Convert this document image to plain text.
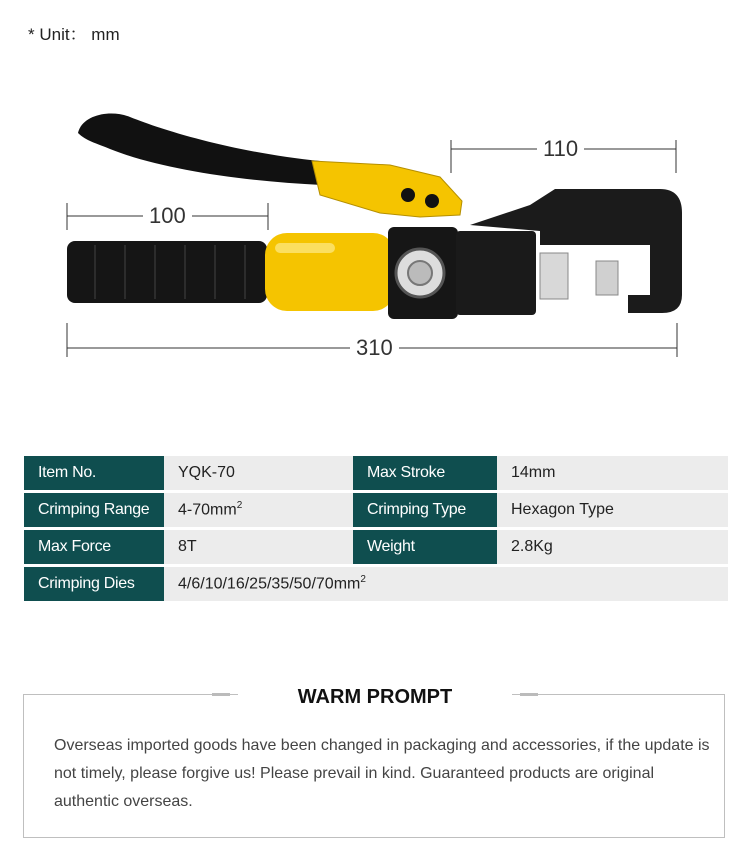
* Unit： mm
100
110
310
Item No.	YQK-70	Max Stroke	14mm
Crimping Range	$4-70mm^2$	Crimping Type	Hexagon Type
Max Force	8T	Weight	2.8Kg
Crimping Dies	$4/6/10/16/25/35/50/70mm^2$
WARM PROMPT
Overseas imported goods have been changed in packaging and accessories, if the update is not timely, please forgive us! Please prevail in kind. Guaranteed products are original authentic overseas.
